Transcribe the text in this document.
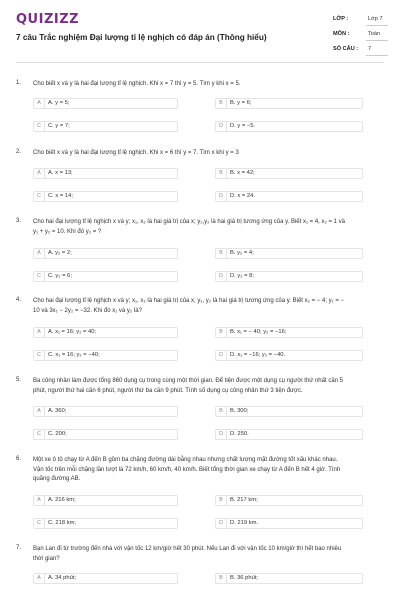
QUIZIZZ
7 câu Trắc nghiệm Đại lượng tỉ lệ nghịch có đáp án (Thông hiểu)
LỚP :	Lớp 7
MÔN :	Toán
SỐ CÂU : 7
1. Cho biết x và y là hai đại lượng tỉ lệ nghịch. Khi x = 7 thì y = 5. Tìm y khi x = 5.
A	A. y = 5;	B	B. y = 6;
C	C. y = 7;	D	D. y = −5.
2. Cho biết x và y là hai đại lượng tỉ lệ nghịch. Khi x = 6 thì y = 7. Tìm x khi y = 3
A	A. x = 13;	B	B. x = 42;
C	C. x = 14;	D	D. x = 24.
3. Cho hai đại lượng tỉ lệ nghịch x và y; x₁, x₂ là hai giá trị của x; y₁,y₂ là hai giá trị tương ứng của y. Biết x₁ = 4, x₂ = 1 và
y₁ + y₂ = 10. Khi đó y₂ = ?
A	A. y₂ = 2;	B	B. y₂ = 4;
C	C. y₂ = 6;	D	D. y₂ = 8;
4. Cho hai đại lượng tỉ lệ nghịch x và y; x₁, x₂ là hai giá trị của x; y₁, y₂ là hai giá trị tương ứng của y. Biết x₂ = − 4; y₁ = −
10 và 3x₁ − 2y₂ = −32. Khi đó x₁ và y₂ là?
A	A. x₁ = 16; y₂ = 40;	B	B. x₁ = − 40; y₂ = −16;
C	C. x₁ = 16; y₂ = −40;	D	D. x₁ = −16; y₂ = −40.
5. Ba công nhân làm được tổng 860 dụng cụ trong cùng một thời gian. Để tiện được một dụng cụ người thứ nhất cần 5
phút, người thứ hai cần 6 phút, người thứ ba cần 9 phút. Tính số dụng cụ công nhân thứ 3 tiện được.
A	A. 360;	B	B. 300;
C	C. 200;	D	D. 250.
6. Một xe ô tô chạy từ A đến B gồm ba chặng đường dài bằng nhau nhưng chất lượng mặt đường tốt xấu khác nhau.
Vận tốc trên mỗi chặng lần lượt là 72 km/h, 60 km/h, 40 km/h. Biết tổng thời gian xe chạy từ A đến B hết 4 giờ. Tính
quãng đường AB.
A	A. 216 km;	B	B. 217 km;
C	C. 218 km;	D	D. 219 km.
7. Bạn Lan đi từ trường đến nhà với vận tốc 12 km/giờ hết 30 phút. Nếu Lan đi với vận tốc 10 km/giờ thì hết bao nhiêu
thời gian?
A	A. 34 phút;	B	B. 36 phút;
